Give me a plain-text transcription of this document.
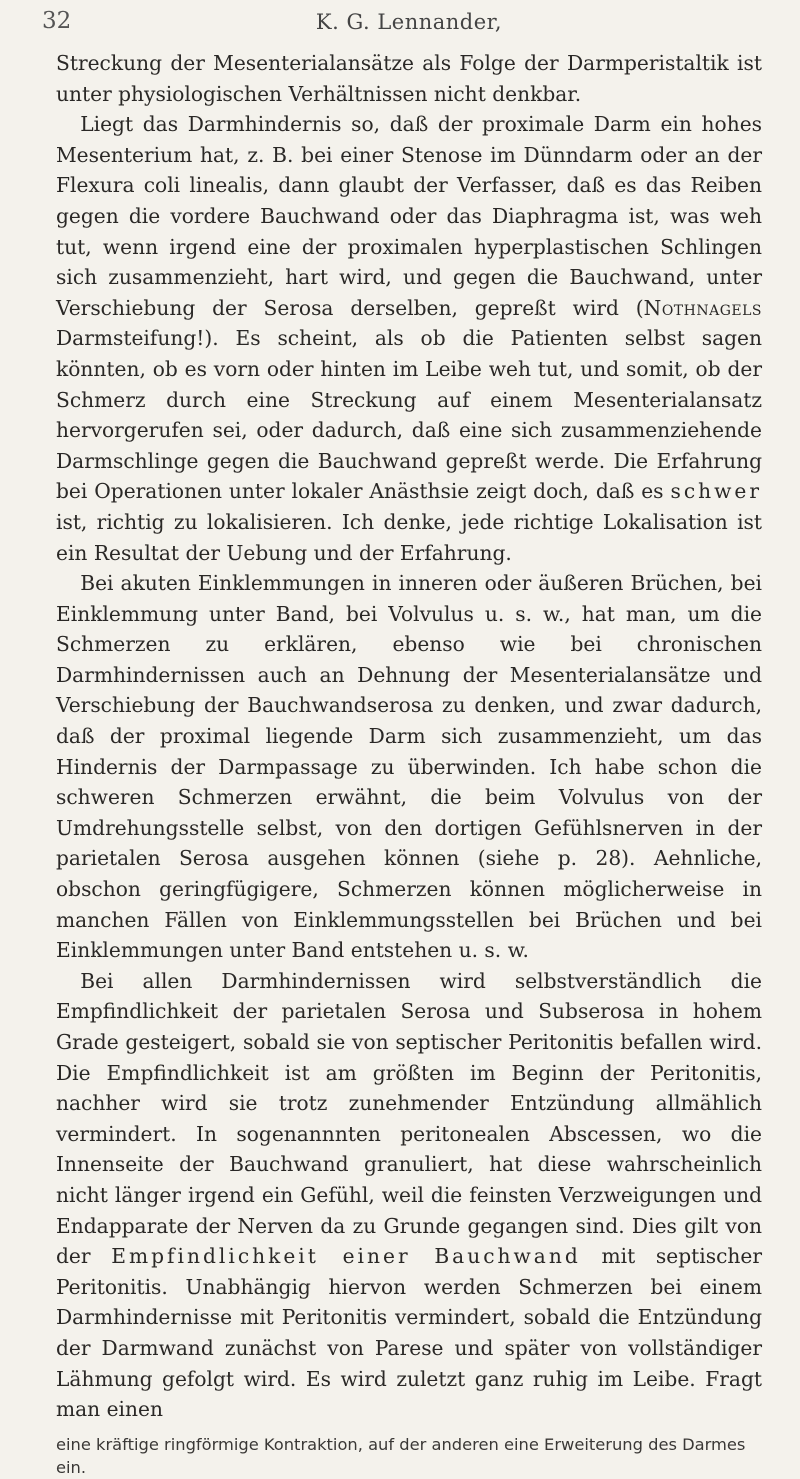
32	K. G. Lennander,

Streckung der Mesenterialansätze als Folge der Darmperistaltik ist unter physiologischen Verhältnissen nicht denkbar.

Liegt das Darmhindernis so, daß der proximale Darm ein hohes Mesenterium hat, z. B. bei einer Stenose im Dünndarm oder an der Flexura coli linealis, dann glaubt der Verfasser, daß es das Reiben gegen die vordere Bauchwand oder das Diaphragma ist, was weh tut, wenn irgend eine der proximalen hyperplastischen Schlingen sich zusammenzieht, hart wird, und gegen die Bauchwand, unter Verschiebung der Serosa derselben, gepreßt wird (Nothnagels Darmsteifung!). Es scheint, als ob die Patienten selbst sagen könnten, ob es vorn oder hinten im Leibe weh tut, und somit, ob der Schmerz durch eine Streckung auf einem Mesenterialansatz hervorgerufen sei, oder dadurch, daß eine sich zusammenziehende Darmschlinge gegen die Bauchwand gepreßt werde. Die Erfahrung bei Operationen unter lokaler Anästhsie zeigt doch, daß es schwer ist, richtig zu lokalisieren. Ich denke, jede richtige Lokalisation ist ein Resultat der Uebung und der Erfahrung.

Bei akuten Einklemmungen in inneren oder äußeren Brüchen, bei Einklemmung unter Band, bei Volvulus u. s. w., hat man, um die Schmerzen zu erklären, ebenso wie bei chronischen Darmhindernissen auch an Dehnung der Mesenterialansätze und Verschiebung der Bauchwandserosa zu denken, und zwar dadurch, daß der proximal liegende Darm sich zusammenzieht, um das Hindernis der Darmpassage zu überwinden. Ich habe schon die schweren Schmerzen erwähnt, die beim Volvulus von der Umdrehungsstelle selbst, von den dortigen Gefühlsnerven in der parietalen Serosa ausgehen können (siehe p. 28). Aehnliche, obschon geringfügigere, Schmerzen können möglicherweise in manchen Fällen von Einklemmungsstellen bei Brüchen und bei Einklemmungen unter Band entstehen u. s. w.

Bei allen Darmhindernissen wird selbstverständlich die Empfindlichkeit der parietalen Serosa und Subserosa in hohem Grade gesteigert, sobald sie von septischer Peritonitis befallen wird. Die Empfindlichkeit ist am größten im Beginn der Peritonitis, nachher wird sie trotz zunehmender Entzündung allmählich vermindert. In sogenannnten peritonealen Abscessen, wo die Innenseite der Bauchwand granuliert, hat diese wahrscheinlich nicht länger irgend ein Gefühl, weil die feinsten Verzweigungen und Endapparate der Nerven da zu Grunde gegangen sind. Dies gilt von der Empfindlichkeit einer Bauchwand mit septischer Peritonitis. Unabhängig hiervon werden Schmerzen bei einem Darmhindernisse mit Peritonitis vermindert, sobald die Entzündung der Darmwand zunächst von Parese und später von vollständiger Lähmung gefolgt wird. Es wird zuletzt ganz ruhig im Leibe. Fragt man einen

eine kräftige ringförmige Kontraktion, auf der anderen eine Erweiterung des Darmes ein.
